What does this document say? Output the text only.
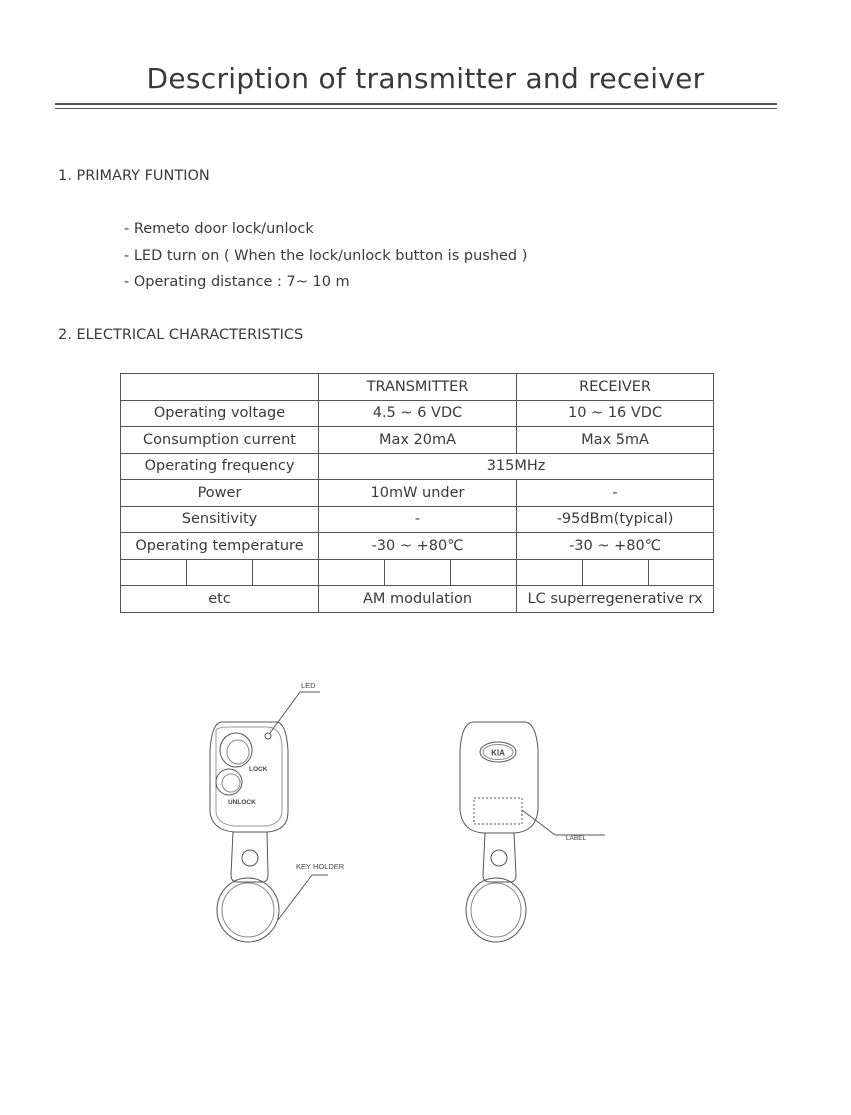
Description of transmitter and receiver
1. PRIMARY FUNTION
- Remeto door lock/unlock
- LED turn on ( When the lock/unlock button is pushed )
- Operating distance : 7~ 10 m
2. ELECTRICAL CHARACTERISTICS
			TRANSMITTER			RECEIVER		
Operating voltage			4.5 ~ 6 VDC			10 ~ 16 VDC		
Consumption current			Max 20mA			Max 5mA		
Operating frequency			315MHz					
Power			10mW under			-		
Sensitivity			-			-95dBm(typical)		
Operating temperature			-30 ~ +80℃			-30 ~ +80℃		

etc			AM modulation			LC superregenerative rx		
LED
LOCK
UNLOCK
KEY HOLDER
KIA
LABEL
